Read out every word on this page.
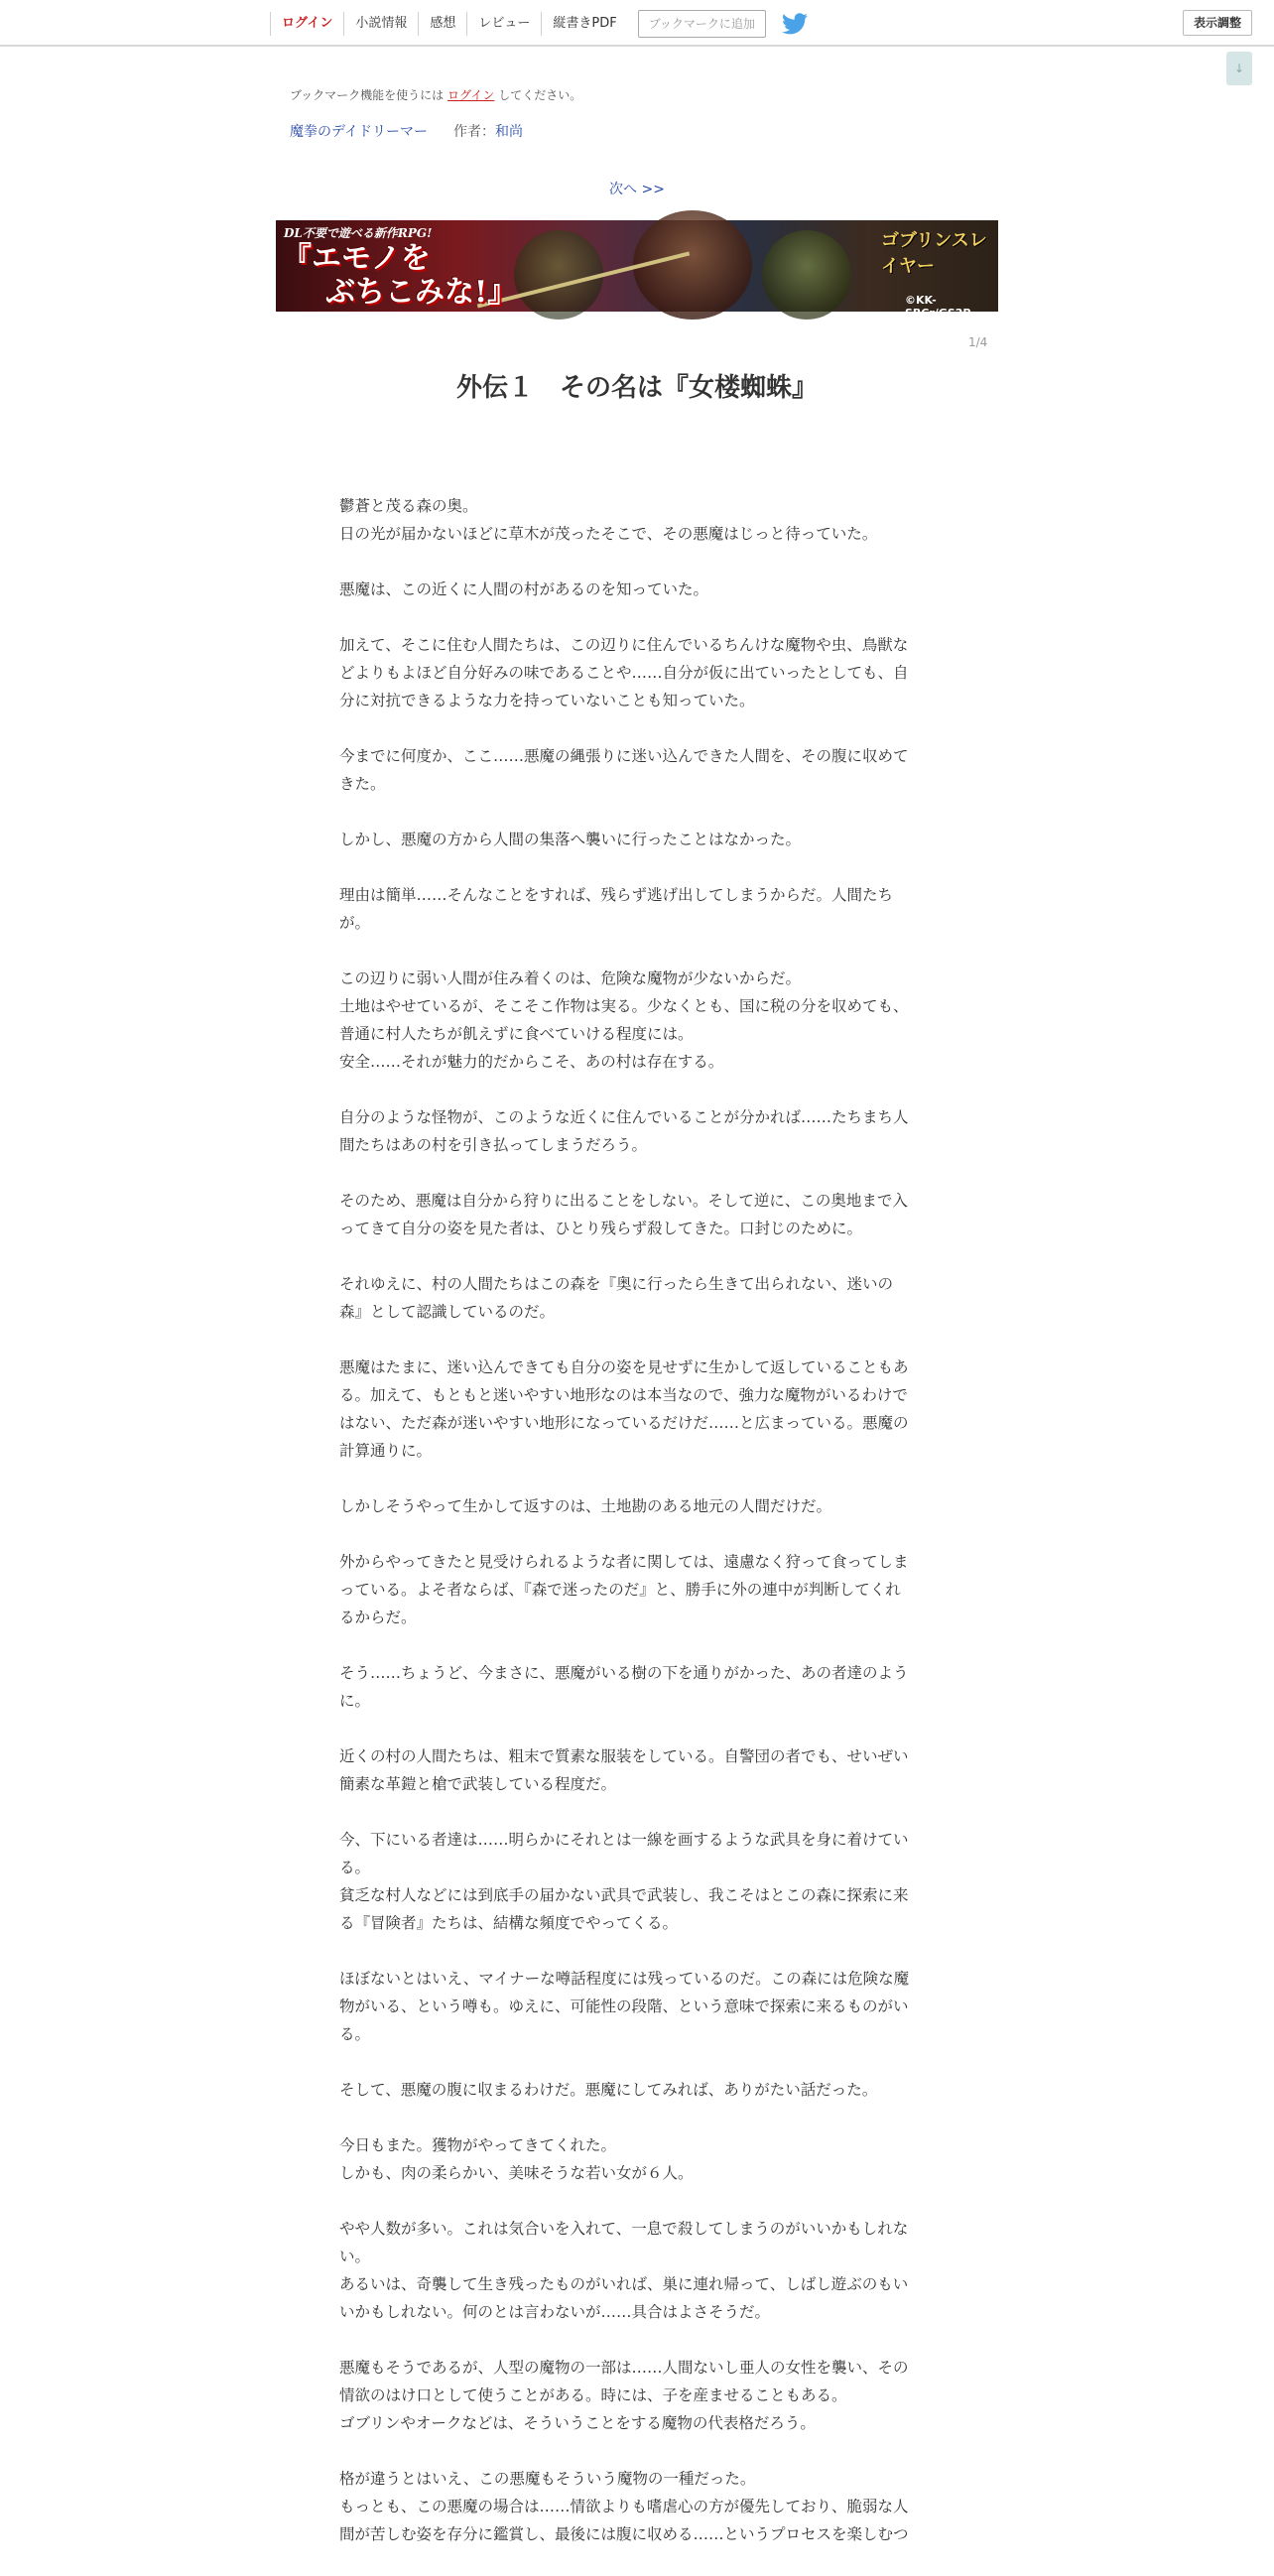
ログイン	小説情報	感想	レビュー	縦書きPDF	ブックマークに追加	表示調整
↓
ブックマーク機能を使うには ログイン してください。
魔拳のデイドリーマー 作者：和尚
次へ >>
DL不要で遊べる新作RPG!
『エモノを
ぶちこみな!』
ゴブリンスレイヤー
©KK-SBCr/GS2P
1/4
外伝１　その名は『女楼蜘蛛』

鬱蒼と茂る森の奥。
日の光が届かないほどに草木が茂ったそこで、その悪魔はじっと待っていた。

悪魔は、この近くに人間の村があるのを知っていた。

加えて、そこに住む人間たちは、この辺りに住んでいるちんけな魔物や虫、鳥獣な
どよりもよほど自分好みの味であることや……自分が仮に出ていったとしても、自
分に対抗できるような力を持っていないことも知っていた。

今までに何度か、ここ……悪魔の縄張りに迷い込んできた人間を、その腹に収めて
きた。

しかし、悪魔の方から人間の集落へ襲いに行ったことはなかった。

理由は簡単……そんなことをすれば、残らず逃げ出してしまうからだ。人間たち
が。

この辺りに弱い人間が住み着くのは、危険な魔物が少ないからだ。
土地はやせているが、そこそこ作物は実る。少なくとも、国に税の分を収めても、
普通に村人たちが飢えずに食べていける程度には。
安全……それが魅力的だからこそ、あの村は存在する。

自分のような怪物が、このような近くに住んでいることが分かれば……たちまち人
間たちはあの村を引き払ってしまうだろう。

そのため、悪魔は自分から狩りに出ることをしない。そして逆に、この奥地まで入
ってきて自分の姿を見た者は、ひとり残らず殺してきた。口封じのために。

それゆえに、村の人間たちはこの森を『奥に行ったら生きて出られない、迷いの
森』として認識しているのだ。

悪魔はたまに、迷い込んできても自分の姿を見せずに生かして返していることもあ
る。加えて、もともと迷いやすい地形なのは本当なので、強力な魔物がいるわけで
はない、ただ森が迷いやすい地形になっているだけだ……と広まっている。悪魔の
計算通りに。

しかしそうやって生かして返すのは、土地勘のある地元の人間だけだ。

外からやってきたと見受けられるような者に関しては、遠慮なく狩って食ってしま
っている。よそ者ならば、『森で迷ったのだ』と、勝手に外の連中が判断してくれ
るからだ。

そう……ちょうど、今まさに、悪魔がいる樹の下を通りがかった、あの者達のよう
に。

近くの村の人間たちは、粗末で質素な服装をしている。自警団の者でも、せいぜい
簡素な革鎧と槍で武装している程度だ。

今、下にいる者達は……明らかにそれとは一線を画するような武具を身に着けてい
る。
貧乏な村人などには到底手の届かない武具で武装し、我こそはとこの森に探索に来
る『冒険者』たちは、結構な頻度でやってくる。

ほぼないとはいえ、マイナーな噂話程度には残っているのだ。この森には危険な魔
物がいる、という噂も。ゆえに、可能性の段階、という意味で探索に来るものがい
る。

そして、悪魔の腹に収まるわけだ。悪魔にしてみれば、ありがたい話だった。

今日もまた。獲物がやってきてくれた。
しかも、肉の柔らかい、美味そうな若い女が６人。

やや人数が多い。これは気合いを入れて、一息で殺してしまうのがいいかもしれな
い。
あるいは、奇襲して生き残ったものがいれば、巣に連れ帰って、しばし遊ぶのもい
いかもしれない。何のとは言わないが……具合はよさそうだ。

悪魔もそうであるが、人型の魔物の一部は……人間ないし亜人の女性を襲い、その
情欲のはけ口として使うことがある。時には、子を産ませることもある。
ゴブリンやオークなどは、そういうことをする魔物の代表格だろう。

格が違うとはいえ、この悪魔もそういう魔物の一種だった。
もっとも、この悪魔の場合は……情欲よりも嗜虐心の方が優先しており、脆弱な人
間が苦しむ姿を存分に鑑賞し、最後には腹に収める……というプロセスを楽しむつ
